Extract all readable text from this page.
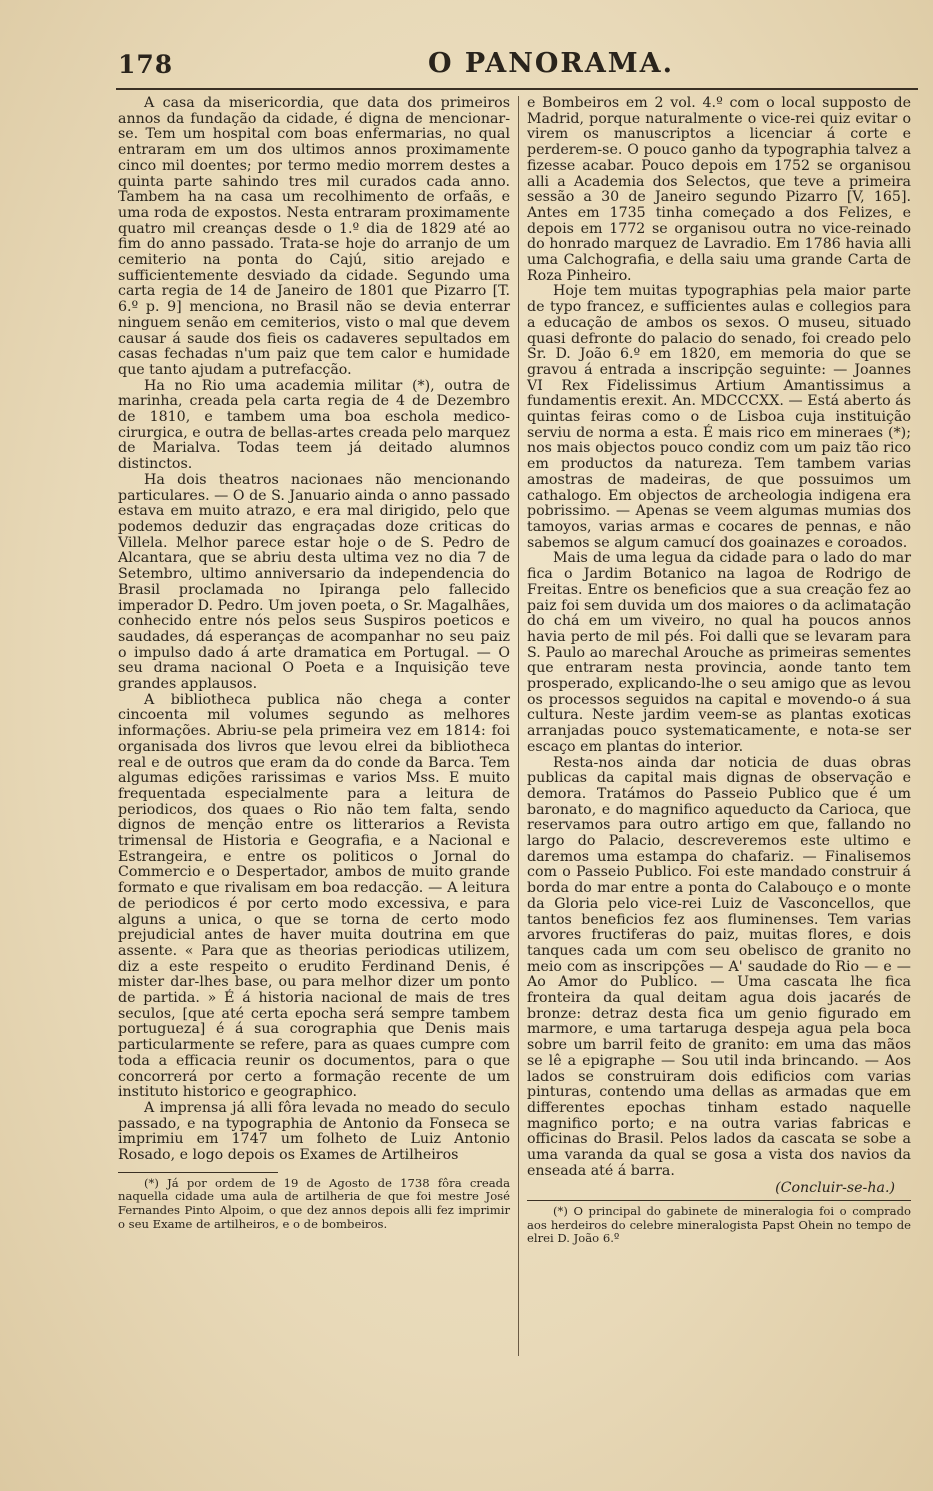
178	O PANORAMA.

A casa da misericordia, que data dos primeiros annos da fundação da cidade, é digna de mencionar-se. Tem um hospital com boas enfermarias, no qual entraram em um dos ultimos annos proximamente cinco mil doentes; por termo medio morrem destes a quinta parte sahindo tres mil curados cada anno. Tambem ha na casa um recolhimento de orfaãs, e uma roda de expostos. Nesta entraram proximamente quatro mil creanças desde o 1.º dia de 1829 até ao fim do anno passado. Trata-se hoje do arranjo de um cemiterio na ponta do Cajú, sitio arejado e sufficientemente desviado da cidade. Segundo uma carta regia de 14 de Janeiro de 1801 que Pizarro [T. 6.º p. 9] menciona, no Brasil não se devia enterrar ninguem senão em cemiterios, visto o mal que devem causar á saude dos fieis os cadaveres sepultados em casas fechadas n'um paiz que tem calor e humidade que tanto ajudam a putrefacção.

Ha no Rio uma academia militar (*), outra de marinha, creada pela carta regia de 4 de Dezembro de 1810, e tambem uma boa eschola medico-cirurgica, e outra de bellas-artes creada pelo marquez de Marialva. Todas teem já deitado alumnos distinctos.

Ha dois theatros nacionaes não mencionando particulares. — O de S. Januario ainda o anno passado estava em muito atrazo, e era mal dirigido, pelo que podemos deduzir das engraçadas doze criticas do Villela. Melhor parece estar hoje o de S. Pedro de Alcantara, que se abriu desta ultima vez no dia 7 de Setembro, ultimo anniversario da independencia do Brasil proclamada no Ipiranga pelo fallecido imperador D. Pedro. Um joven poeta, o Sr. Magalhães, conhecido entre nós pelos seus Suspiros poeticos e saudades, dá esperanças de acompanhar no seu paiz o impulso dado á arte dramatica em Portugal. — O seu drama nacional O Poeta e a Inquisição teve grandes applausos.

A bibliotheca publica não chega a conter cincoenta mil volumes segundo as melhores informações. Abriu-se pela primeira vez em 1814: foi organisada dos livros que levou elrei da bibliotheca real e de outros que eram da do conde da Barca. Tem algumas edições rarissimas e varios Mss. E muito frequentada especialmente para a leitura de periodicos, dos quaes o Rio não tem falta, sendo dignos de menção entre os litterarios a Revista trimensal de Historia e Geografia, e a Nacional e Estrangeira, e entre os politicos o Jornal do Commercio e o Despertador, ambos de muito grande formato e que rivalisam em boa redacção. — A leitura de periodicos é por certo modo excessiva, e para alguns a unica, o que se torna de certo modo prejudicial antes de haver muita doutrina em que assente. « Para que as theorias periodicas utilizem, diz a este respeito o erudito Ferdinand Denis, é mister dar-lhes base, ou para melhor dizer um ponto de partida. » É á historia nacional de mais de tres seculos, [que até certa epocha será sempre tambem portugueza] é á sua corographia que Denis mais particularmente se refere, para as quaes cumpre com toda a efficacia reunir os documentos, para o que concorrerá por certo a formação recente de um instituto historico e geographico.

A imprensa já alli fôra levada no meado do seculo passado, e na typographia de Antonio da Fonseca se imprimiu em 1747 um folheto de Luiz Antonio Rosado, e logo depois os Exames de Artilheiros

(*) Já por ordem de 19 de Agosto de 1738 fôra creada naquella cidade uma aula de artilheria de que foi mestre José Fernandes Pinto Alpoim, o que dez annos depois alli fez imprimir o seu Exame de artilheiros, e o de bombeiros.

e Bombeiros em 2 vol. 4.º com o local supposto de Madrid, porque naturalmente o vice-rei quiz evitar o virem os manuscriptos a licenciar á corte e perderem-se. O pouco ganho da typographia talvez a fizesse acabar. Pouco depois em 1752 se organisou alli a Academia dos Selectos, que teve a primeira sessão a 30 de Janeiro segundo Pizarro [V, 165]. Antes em 1735 tinha começado a dos Felizes, e depois em 1772 se organisou outra no vice-reinado do honrado marquez de Lavradio. Em 1786 havia alli uma Calchografia, e della saiu uma grande Carta de Roza Pinheiro.

Hoje tem muitas typographias pela maior parte de typo francez, e sufficientes aulas e collegios para a educação de ambos os sexos. O museu, situado quasi defronte do palacio do senado, foi creado pelo Sr. D. João 6.º em 1820, em memoria do que se gravou á entrada a inscripção seguinte: — Joannes VI Rex Fidelissimus Artium Amantissimus a fundamentis erexit. An. MDCCCXX. — Está aberto ás quintas feiras como o de Lisboa cuja instituição serviu de norma a esta. É mais rico em mineraes (*); nos mais objectos pouco condiz com um paiz tão rico em productos da natureza. Tem tambem varias amostras de madeiras, de que possuimos um cathalogo. Em objectos de archeologia indigena era pobrissimo. — Apenas se veem algumas mumias dos tamoyos, varias armas e cocares de pennas, e não sabemos se algum camucí dos goainazes e coroados.

Mais de uma legua da cidade para o lado do mar fica o Jardim Botanico na lagoa de Rodrigo de Freitas. Entre os beneficios que a sua creação fez ao paiz foi sem duvida um dos maiores o da aclimatação do chá em um viveiro, no qual ha poucos annos havia perto de mil pés. Foi dalli que se levaram para S. Paulo ao marechal Arouche as primeiras sementes que entraram nesta provincia, aonde tanto tem prosperado, explicando-lhe o seu amigo que as levou os processos seguidos na capital e movendo-o á sua cultura. Neste jardim veem-se as plantas exoticas arranjadas pouco systematicamente, e nota-se ser escaço em plantas do interior.

Resta-nos ainda dar noticia de duas obras publicas da capital mais dignas de observação e demora. Tratámos do Passeio Publico que é um baronato, e do magnifico aqueducto da Carioca, que reservamos para outro artigo em que, fallando no largo do Palacio, descreveremos este ultimo e daremos uma estampa do chafariz. — Finalisemos com o Passeio Publico. Foi este mandado construir á borda do mar entre a ponta do Calabouço e o monte da Gloria pelo vice-rei Luiz de Vasconcellos, que tantos beneficios fez aos fluminenses. Tem varias arvores fructiferas do paiz, muitas flores, e dois tanques cada um com seu obelisco de granito no meio com as inscripções — A' saudade do Rio — e — Ao Amor do Publico. — Uma cascata lhe fica fronteira da qual deitam agua dois jacarés de bronze: detraz desta fica um genio figurado em marmore, e uma tartaruga despeja agua pela boca sobre um barril feito de granito: em uma das mãos se lê a epigraphe — Sou util inda brincando. — Aos lados se construiram dois edificios com varias pinturas, contendo uma dellas as armadas que em differentes epochas tinham estado naquelle magnifico porto; e na outra varias fabricas e officinas do Brasil. Pelos lados da cascata se sobe a uma varanda da qual se gosa a vista dos navios da enseada até á barra.

(Concluir-se-ha.)

(*) O principal do gabinete de mineralogia foi o comprado aos herdeiros do celebre mineralogista Papst Ohein no tempo de elrei D. João 6.º
